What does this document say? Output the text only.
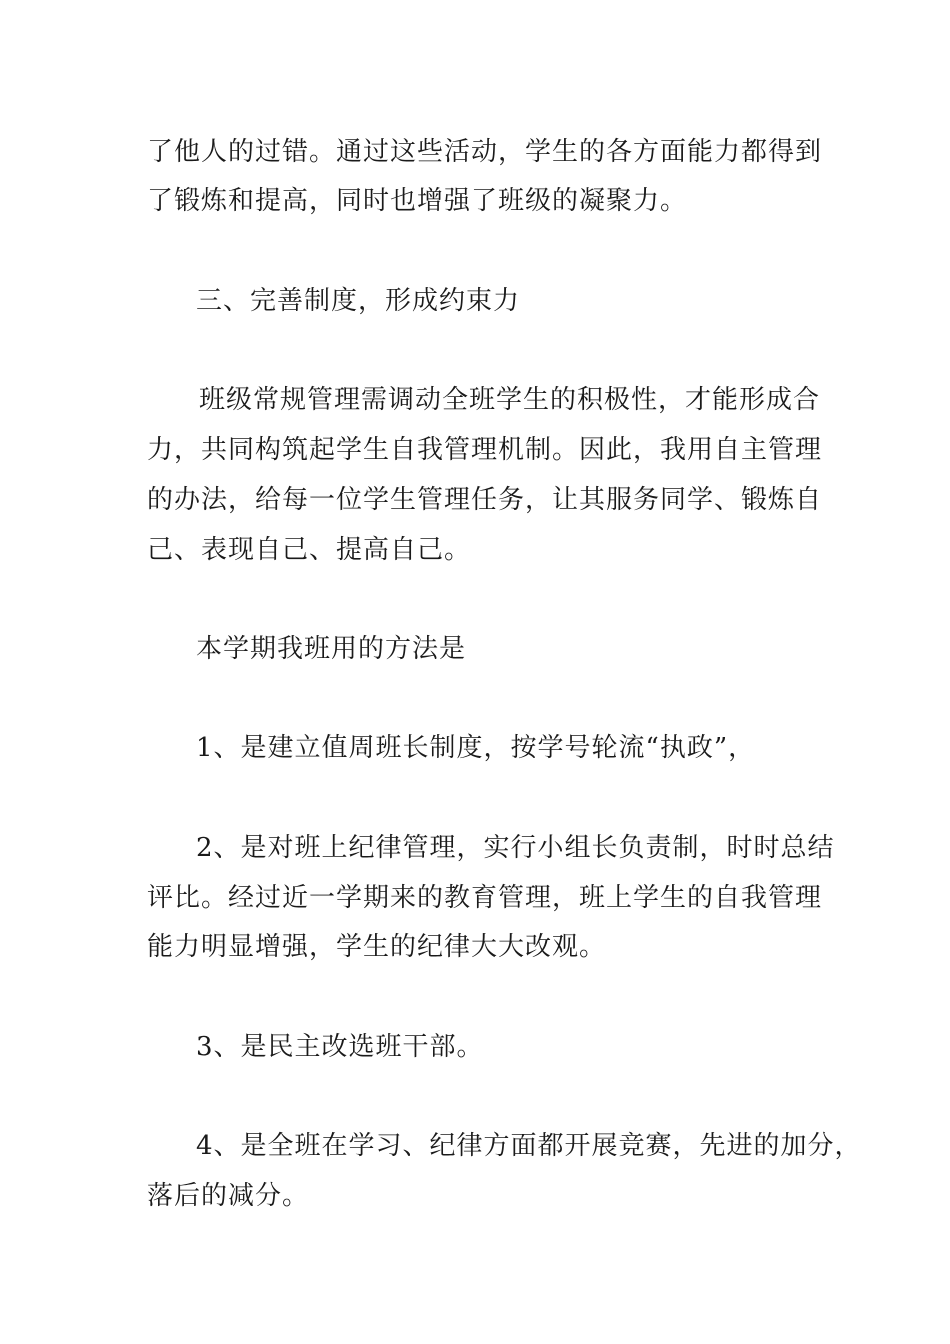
了他人的过错。通过这些活动，学生的各方面能力都得到
了锻炼和提高，同时也增强了班级的凝聚力。
三、完善制度，形成约束力
班级常规管理需调动全班学生的积极性，才能形成合
力，共同构筑起学生自我管理机制。因此，我用自主管理
的办法，给每一位学生管理任务，让其服务同学、锻炼自
己、表现自己、提高自己。
本学期我班用的方法是
1、是建立值周班长制度，按学号轮流“执政”，
2、是对班上纪律管理，实行小组长负责制，时时总结
评比。经过近一学期来的教育管理，班上学生的自我管理
能力明显增强，学生的纪律大大改观。
3、是民主改选班干部。
4、是全班在学习、纪律方面都开展竞赛，先进的加分，
落后的减分。
